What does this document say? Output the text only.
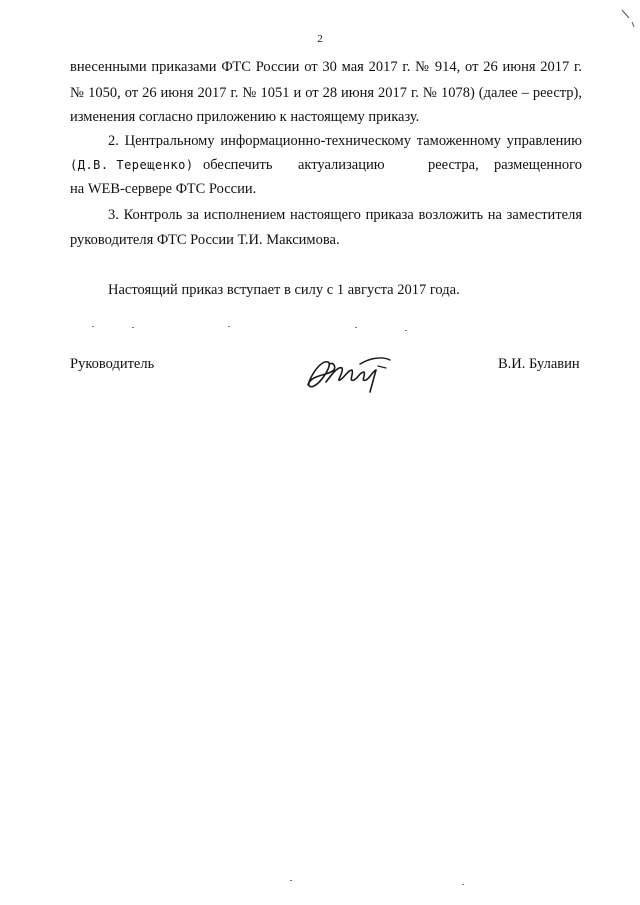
2
внесенными приказами ФТС России от 30 мая 2017 г. № 914, от 26 июня 2017 г.
№ 1050, от 26 июня 2017 г. № 1051 и от 28 июня 2017 г. № 1078) (далее – реестр),
изменения согласно приложению к настоящему приказу.
2. Центральному информационно-техническому таможенному управлению
(Д.В. Терещенко) обеспечить актуализацию	реестра, размещенного
на WEB-сервере ФТС России.
3. Контроль за исполнением настоящего приказа возложить на заместителя
руководителя ФТС России Т.И. Максимова.
Настоящий приказ вступает в силу с 1 августа 2017 года.
Руководитель	В.И. Булавин
